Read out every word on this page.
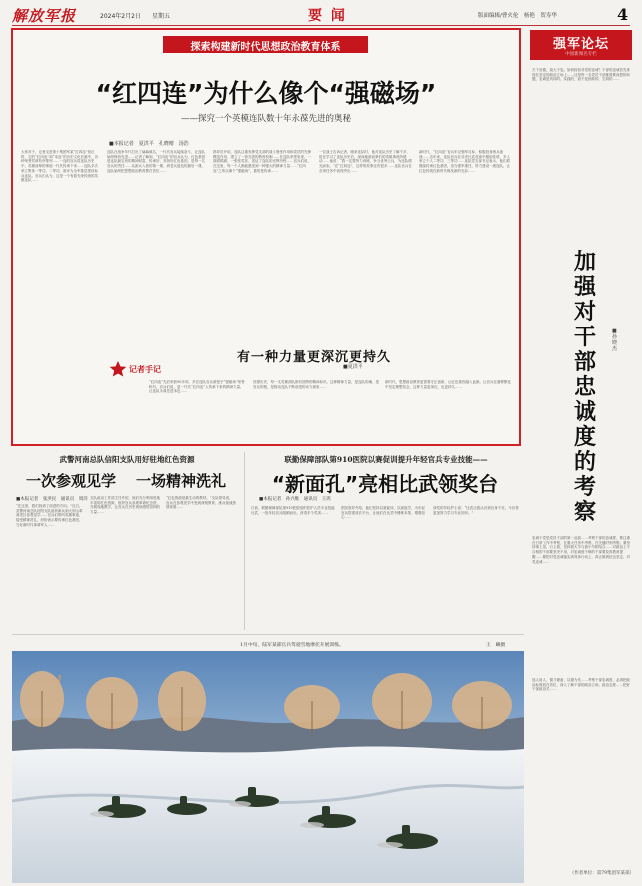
解放军报	2024年2月2日 星期五	要 闻	版面编辑/曹火伦　杨艳　贺寿华	4
探索构建新时代思想政治教育体系
“红四连”为什么像个“强磁场”
——探究一个英模连队数十年永葆先进的奥秘
■本报记者　夏洪平　孔晓晴　汤浩
大家对于，记者走进第十集团军某“红四连”营区时，它的“红四连”和“本连”的历史文化长廊中，各种荣誉奖章有序排列……一连的官兵将连队历史中，英雄前辈的事迹一代代传承下来……连队多次荣立集体一等功、二等功，被评为全军基层建设标兵连队。官兵们认为，这是一个有着光荣传统的英雄连队……
连队在战争年代打出了赫赫威名，一代代官兵接续奋斗，让连队始终保持先进……记者了解到，“红四连”的官兵认为，红色基因是连队最宝贵的精神财富，传承好、发扬好红色基因，是每一名官兵的责任……从新兵入营的第一课，到老兵退伍的最后一课，连队始终把思想政治教育摆在首位……
指导员介绍，连队注重发挥党支部的战斗堡垒作用和党员的先锋模范作用，建立了一套完善的教育机制……在连队荣誉室里，一面面锦旗、一张张奖状，见证了连队的光辉历程……官兵们说，在这里，每一个人都能感受到一种强大的精神力量……“红四连”之所以像个“强磁场”，靠的是传承……
一位战士告诉记者，刚来连队时，他对连队历史了解不多，但在学习了连队历史后，深深地被前辈们的英雄事迹所感动……他说：“我一定要努力训练，争当优秀士兵，为连队增光添彩。”在“红四连”，这样的故事还有很多……连队官兵在各项任务中表现突出……
新时代，“红四连”官兵牢记强军目标，积极投身练兵备战……近年来，连队官兵在各类比武竞赛中屡创佳绩，多人荣立个人二等功、三等功……连队党支部书记表示，他们将继续传承红色基因，担当强军重任，努力建设一流连队，让红色传统在新时代焕发新的光彩……
有一种力量更深沉更持久
■夏洪平
记者手记
“红四连”先后荣获90多项、多位连队官兵被授予“强磁场”荣誉称号。官兵们说，是一代代“红四连”人传承下来的精神力量，让连队永葆先进本色……
回望历史，每一支英雄部队都有独特的精神标识。这种精神力量，是连队的魂，是官兵的根，是推动连队不断前进的动力源泉……
新时代，思想政治教育更需要守正创新，让红色基因融入血脉，让官兵在潜移默化中坚定理想信念，这种力量更深沉，也更持久……
强军论坛
中国新闻名专栏
天下至德，莫大于忠。如何检验对党的忠诚？干部的忠诚首先体现在坚定的政治立场上……这是每一名党员干部都需要深思的问题。忠诚是具体的、实践的，而不是抽象的、空洞的……
加
强
对
干
部
忠
诚
度
的
考
察
■孙晓杰
忠诚于党是党员干部的第一品质……考察干部的忠诚度，要注重在日常工作中考察，在重大任务中考察，在关键时刻考察。要坚持事上见、行上看，坚持看大节与看小节相结合……对政治上不合格的干部要坚决不用，对忠诚度不够的干部要及时教育提醒……要把对党忠诚落实到具体行动上，真正做到信念坚定、对党忠诚……
选人用人，德才兼备、以德为先……考察干部忠诚度，必须把政治标准放在首位，深入了解干部的政治立场、政治态度……把好干部政治关……
（作者单位：第79集团军某部）
武警河南总队信阳支队用好驻地红色资源
一次参观见学 一场精神洗礼
■本报记者　张洪民　通讯员　周洋
“在这里，我们找到了前进的方向。”近日，武警河南总队信阳支队组织新兵到大别山革命老区参观见学……官兵们聆听英雄事迹，接受精神洗礼，纷纷表示要传承红色基因，当好新时代革命军人……
支队政治工作部主任介绍，他们充分利用驻地丰富的红色资源，组织官兵参观革命纪念馆，开展现地教学，让官兵在历史现场感悟信仰的力量……
“红色资源是最生动的教材。”支队领导说，官兵在参观见学中受到深刻教育，练兵备战热情高涨……
联勤保障部队第910医院以赛促训提升年轻官兵专业技能——
“新面孔”亮相比武领奖台
■本报记者　孙兴维　通讯员　王鸿
日前，联勤保障部队第910医院组织医护人员专业技能比武，一批年轻官兵脱颖而出，获得多个奖项……
医院领导介绍，他们坚持以赛促训、以赛促学，为年轻官兵搭建成长平台，让他们在比武中锤炼本领、增强信心……
获奖的年轻护士说：“比武让我认识到自身不足，今后将更加努力学习专业知识。”
1月中旬，陆军某部官兵驾驶雪地摩托开展训练。	王　曦摄
